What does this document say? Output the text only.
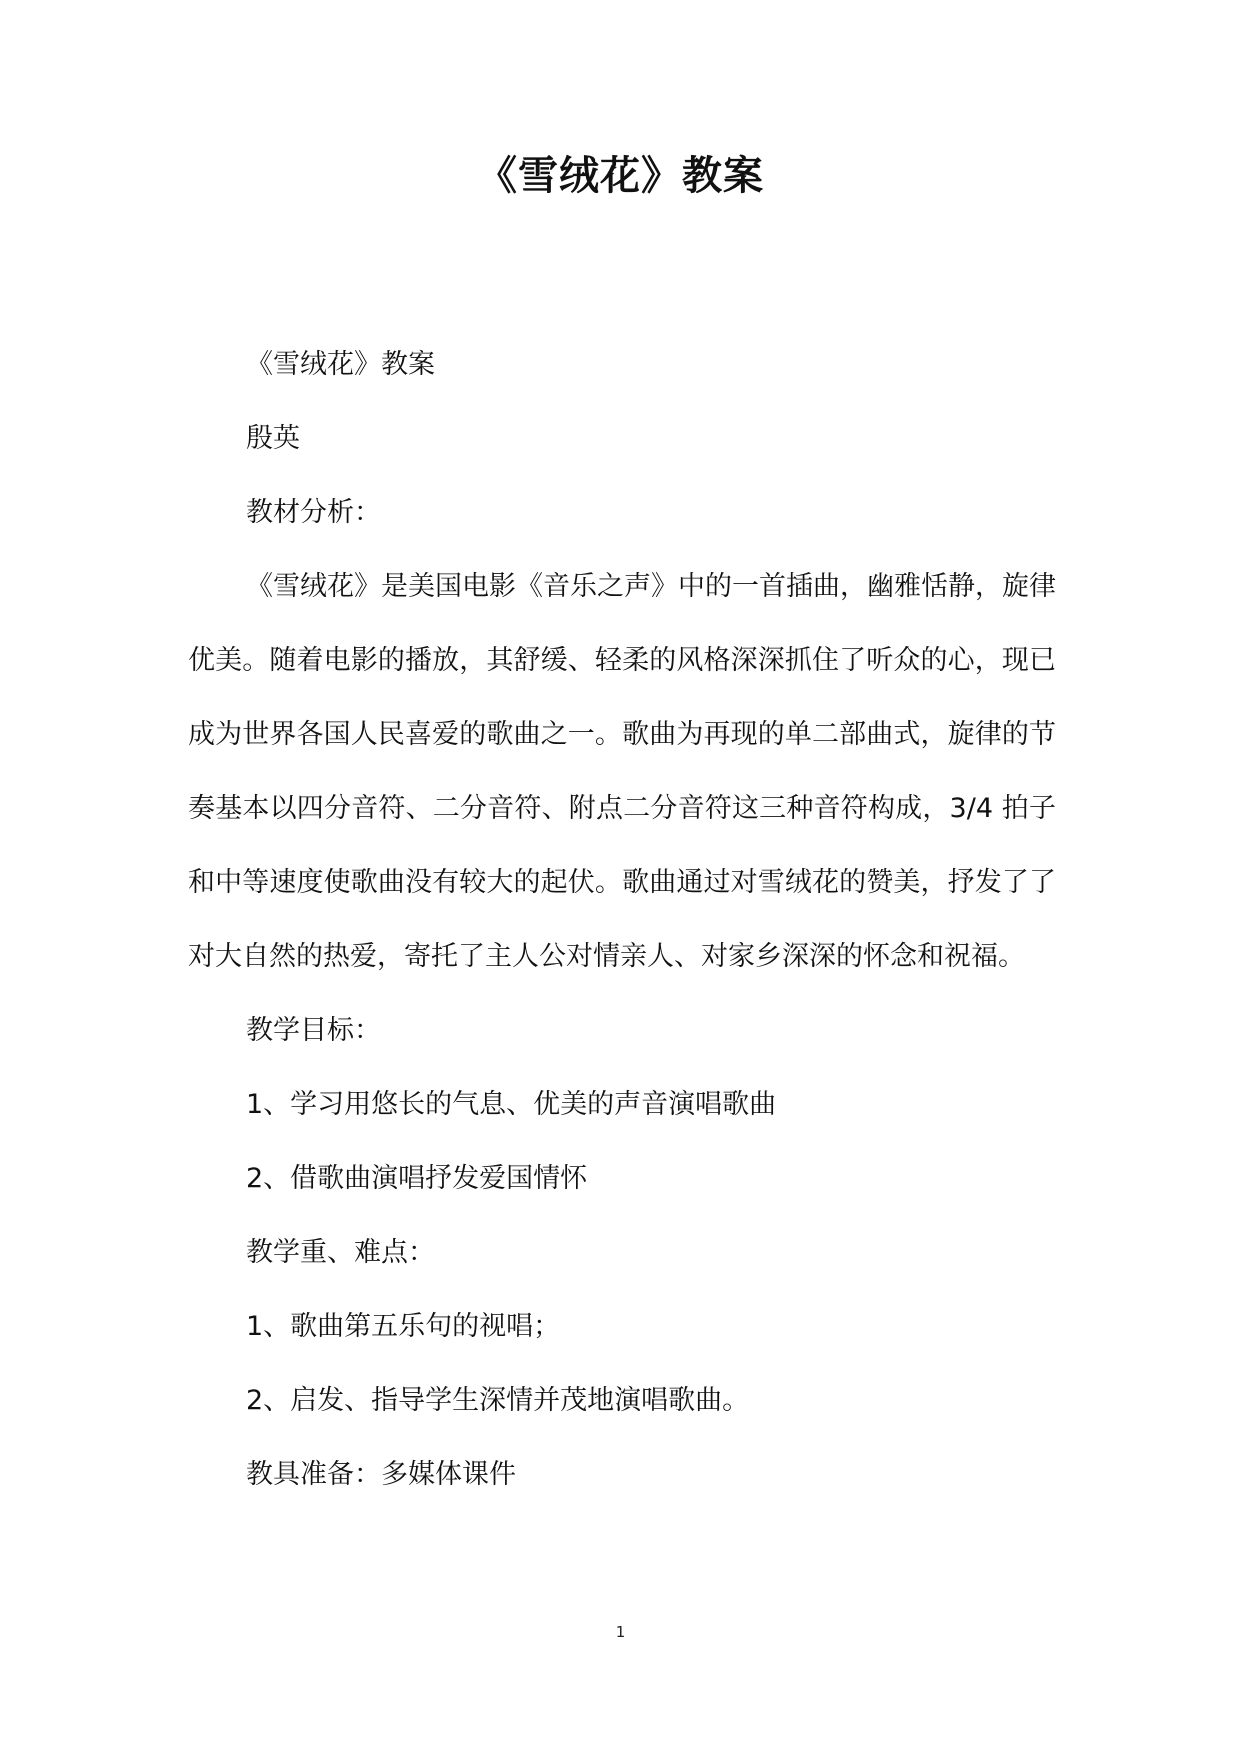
《雪绒花》教案

《雪绒花》教案

殷英

教材分析：

《雪绒花》是美国电影《音乐之声》中的一首插曲，幽雅恬静，旋律优美。随着电影的播放，其舒缓、轻柔的风格深深抓住了听众的心，现已成为世界各国人民喜爱的歌曲之一。歌曲为再现的单二部曲式，旋律的节奏基本以四分音符、二分音符、附点二分音符这三种音符构成，3/4 拍子和中等速度使歌曲没有较大的起伏。歌曲通过对雪绒花的赞美，抒发了了对大自然的热爱，寄托了主人公对情亲人、对家乡深深的怀念和祝福。

教学目标：

1、学习用悠长的气息、优美的声音演唱歌曲

2、借歌曲演唱抒发爱国情怀

教学重、难点：

1、歌曲第五乐句的视唱；

2、启发、指导学生深情并茂地演唱歌曲。

教具准备：多媒体课件

1
